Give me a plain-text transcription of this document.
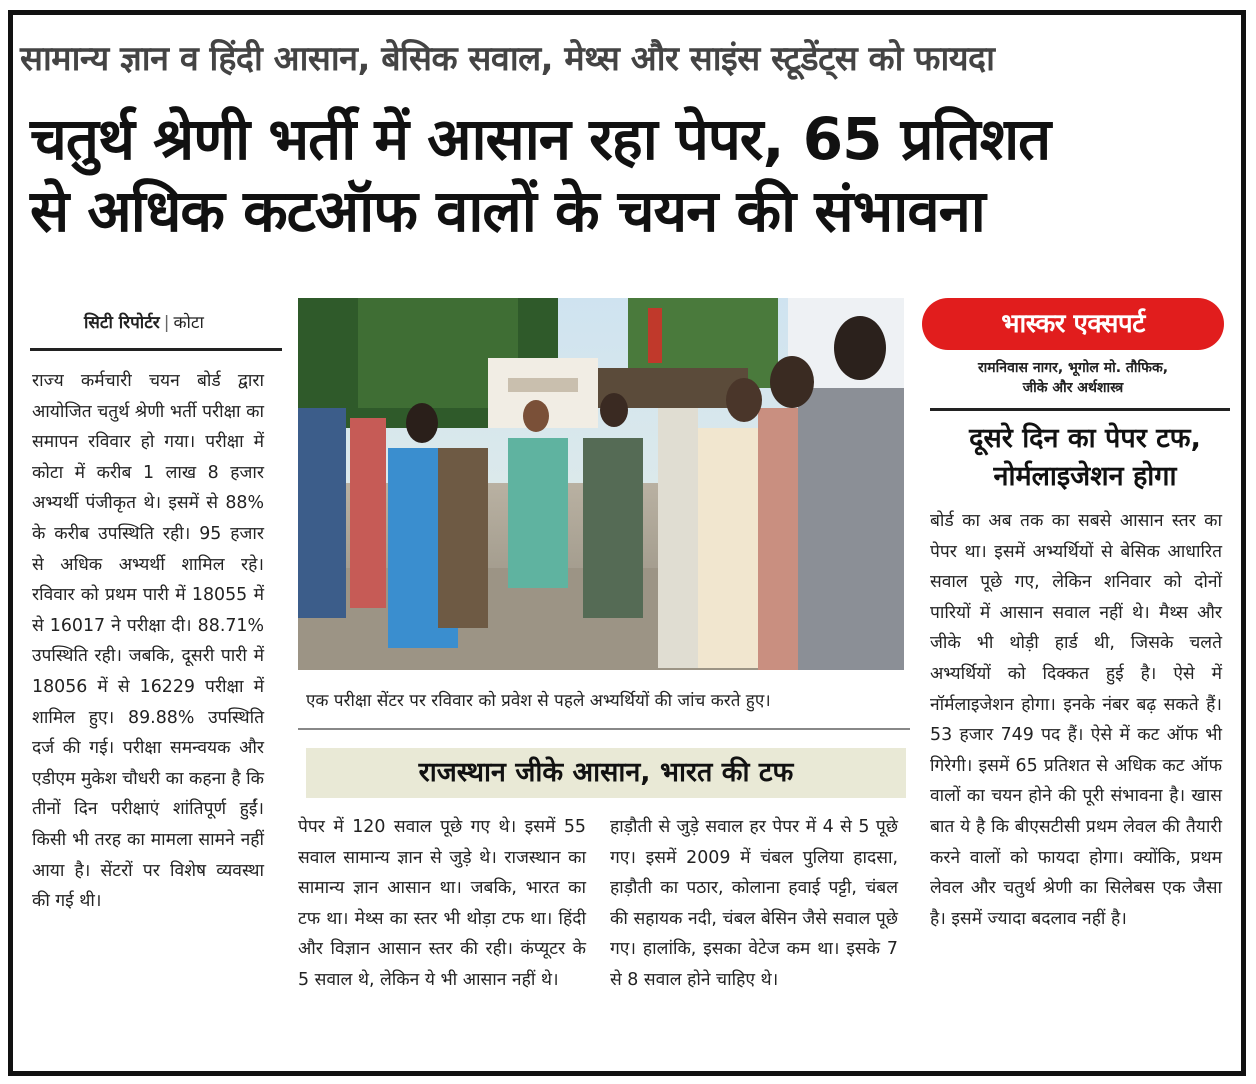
सामान्य ज्ञान व हिंदी आसान, बेसिक सवाल, मेथ्स और साइंस स्टूडेंट्स को फायदा
चतुर्थ श्रेणी भर्ती में आसान रहा पेपर, 65 प्रतिशत
से अधिक कटऑफ वालों के चयन की संभावना
सिटी रिपोर्टर | कोटा
राज्य कर्मचारी चयन बोर्ड द्वारा आयोजित चतुर्थ श्रेणी भर्ती परीक्षा का समापन रविवार हो गया। परीक्षा में कोटा में करीब 1 लाख 8 हजार अभ्यर्थी पंजीकृत थे। इसमें से 88% के करीब उपस्थिति रही। 95 हजार से अधिक अभ्यर्थी शामिल रहे। रविवार को प्रथम पारी में 18055 में से 16017 ने परीक्षा दी। 88.71% उपस्थिति रही। जबकि, दूसरी पारी में 18056 में से 16229 परीक्षा में शामिल हुए। 89.88% उपस्थिति दर्ज की गई। परीक्षा समन्वयक और एडीएम मुकेश चौधरी का कहना है कि तीनों दिन परीक्षाएं शांतिपूर्ण हुईं। किसी भी तरह का मामला सामने नहीं आया है। सेंटरों पर विशेष व्यवस्था की गई थी।
एक परीक्षा सेंटर पर रविवार को प्रवेश से पहले अभ्यर्थियों की जांच करते हुए।
राजस्थान जीके आसान, भारत की टफ
पेपर में 120 सवाल पूछे गए थे। इसमें 55 सवाल सामान्य ज्ञान से जुड़े थे। राजस्थान का सामान्य ज्ञान आसान था। जबकि, भारत का टफ था। मेथ्स का स्तर भी थोड़ा टफ था। हिंदी और विज्ञान आसान स्तर की रही। कंप्यूटर के 5 सवाल थे, लेकिन ये भी आसान नहीं थे।
हाड़ौती से जुड़े सवाल हर पेपर में 4 से 5 पूछे गए। इसमें 2009 में चंबल पुलिया हादसा, हाड़ौती का पठार, कोलाना हवाई पट्टी, चंबल की सहायक नदी, चंबल बेसिन जैसे सवाल पूछे गए। हालांकि, इसका वेटेज कम था। इसके 7 से 8 सवाल होने चाहिए थे।
भास्कर एक्सपर्ट
रामनिवास नागर, भूगोल मो. तौफिक,
जीके और अर्थशास्त्र
दूसरे दिन का पेपर टफ,
नोर्मलाइजेशन होगा
बोर्ड का अब तक का सबसे आसान स्तर का पेपर था। इसमें अभ्यर्थियों से बेसिक आधारित सवाल पूछे गए, लेकिन शनिवार को दोनों पारियों में आसान सवाल नहीं थे। मैथ्स और जीके भी थोड़ी हार्ड थी, जिसके चलते अभ्यर्थियों को दिक्कत हुई है। ऐसे में नॉर्मलाइजेशन होगा। इनके नंबर बढ़ सकते हैं। 53 हजार 749 पद हैं। ऐसे में कट ऑफ भी गिरेगी। इसमें 65 प्रतिशत से अधिक कट ऑफ वालों का चयन होने की पूरी संभावना है। खास बात ये है कि बीएसटीसी प्रथम लेवल की तैयारी करने वालों को फायदा होगा। क्योंकि, प्रथम लेवल और चतुर्थ श्रेणी का सिलेबस एक जैसा है। इसमें ज्यादा बदलाव नहीं है।
